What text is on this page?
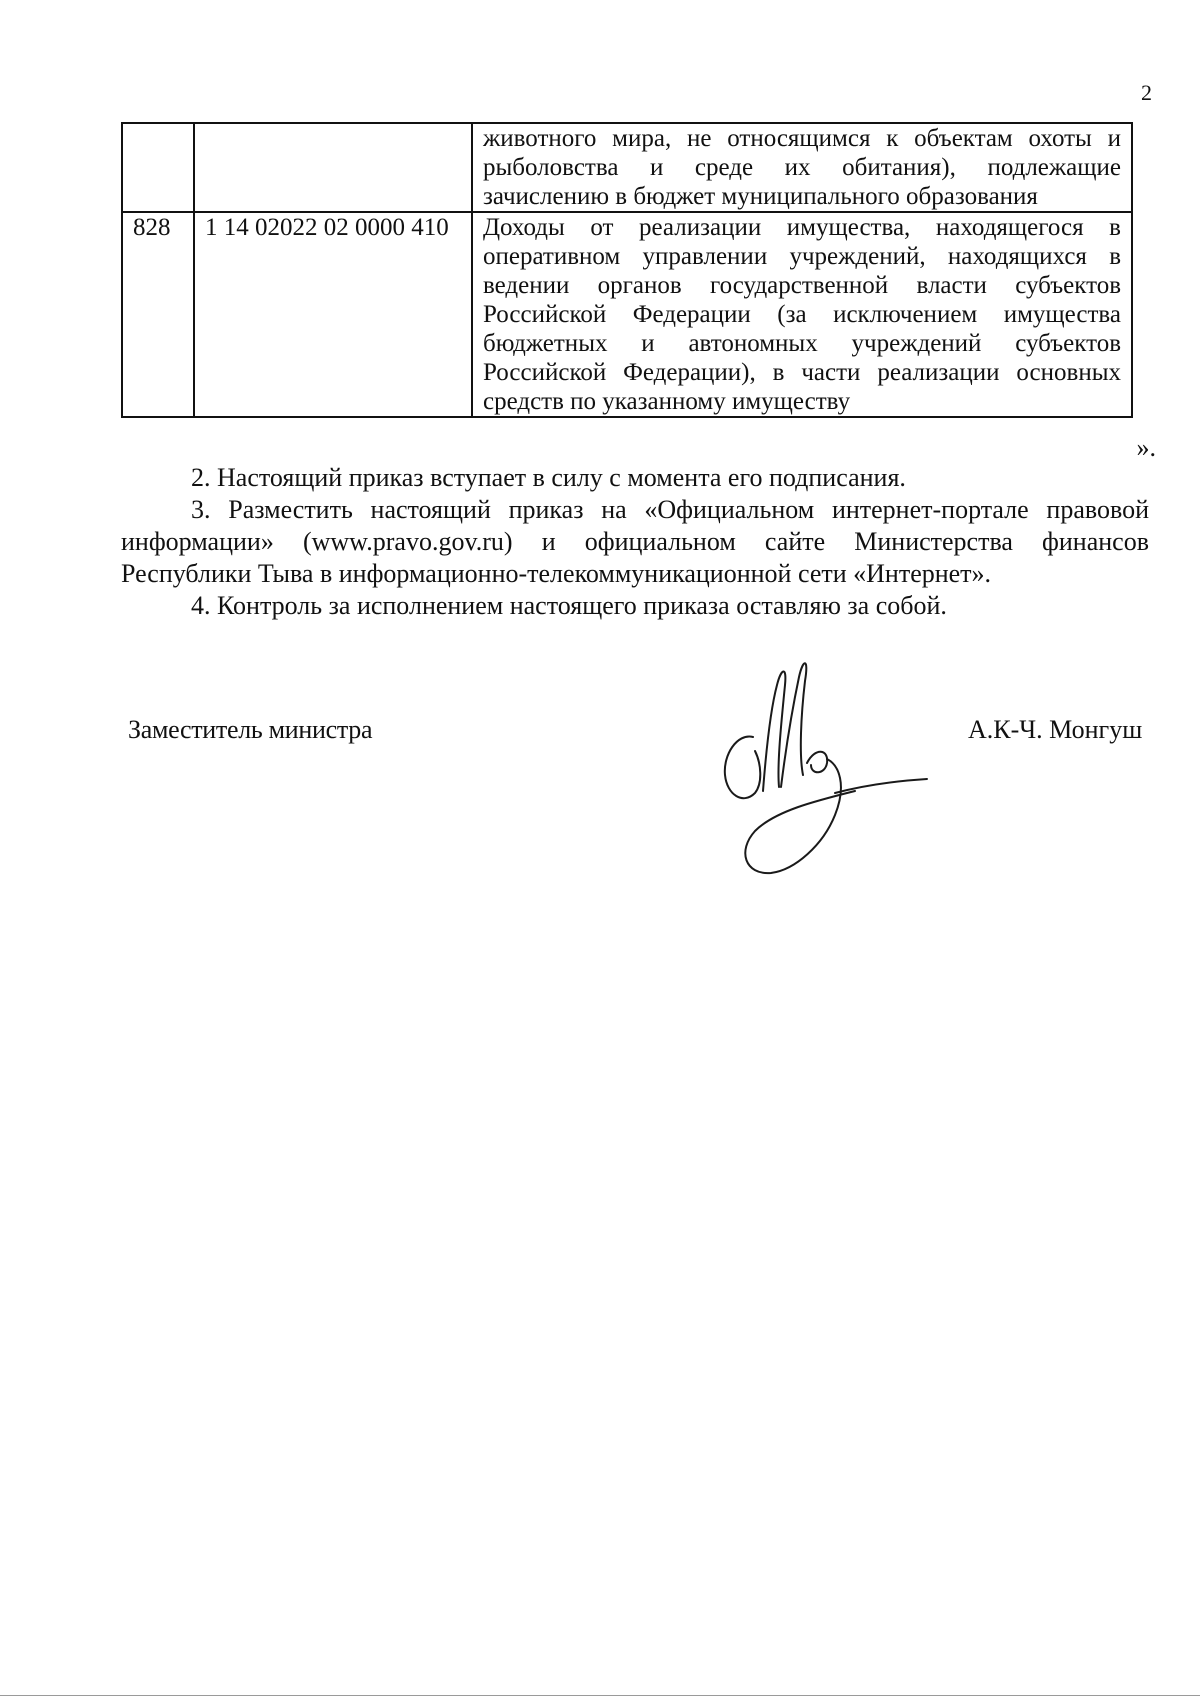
2
		животного мира, не относящимся к объектам охоты и рыболовства и среде их обитания), подлежащие зачислению в бюджет муниципального образования
828	1 14 02022 02 0000 410	Доходы от реализации имущества, находящегося в оперативном управлении учреждений, находящихся в ведении органов государственной власти субъектов Российской Федерации (за исключением имущества бюджетных и автономных учреждений субъектов Российской Федерации), в части реализации основных средств по указанному имуществу
».

2. Настоящий приказ вступает в силу с момента его подписания.

3. Разместить настоящий приказ на «Официальном интернет-портале правовой информации» (www.pravo.gov.ru) и официальном сайте Министерства финансов Республики Тыва в информационно-телекоммуникационной сети «Интернет».

4. Контроль за исполнением настоящего приказа оставляю за собой.

Заместитель министра	А.К-Ч. Монгуш
